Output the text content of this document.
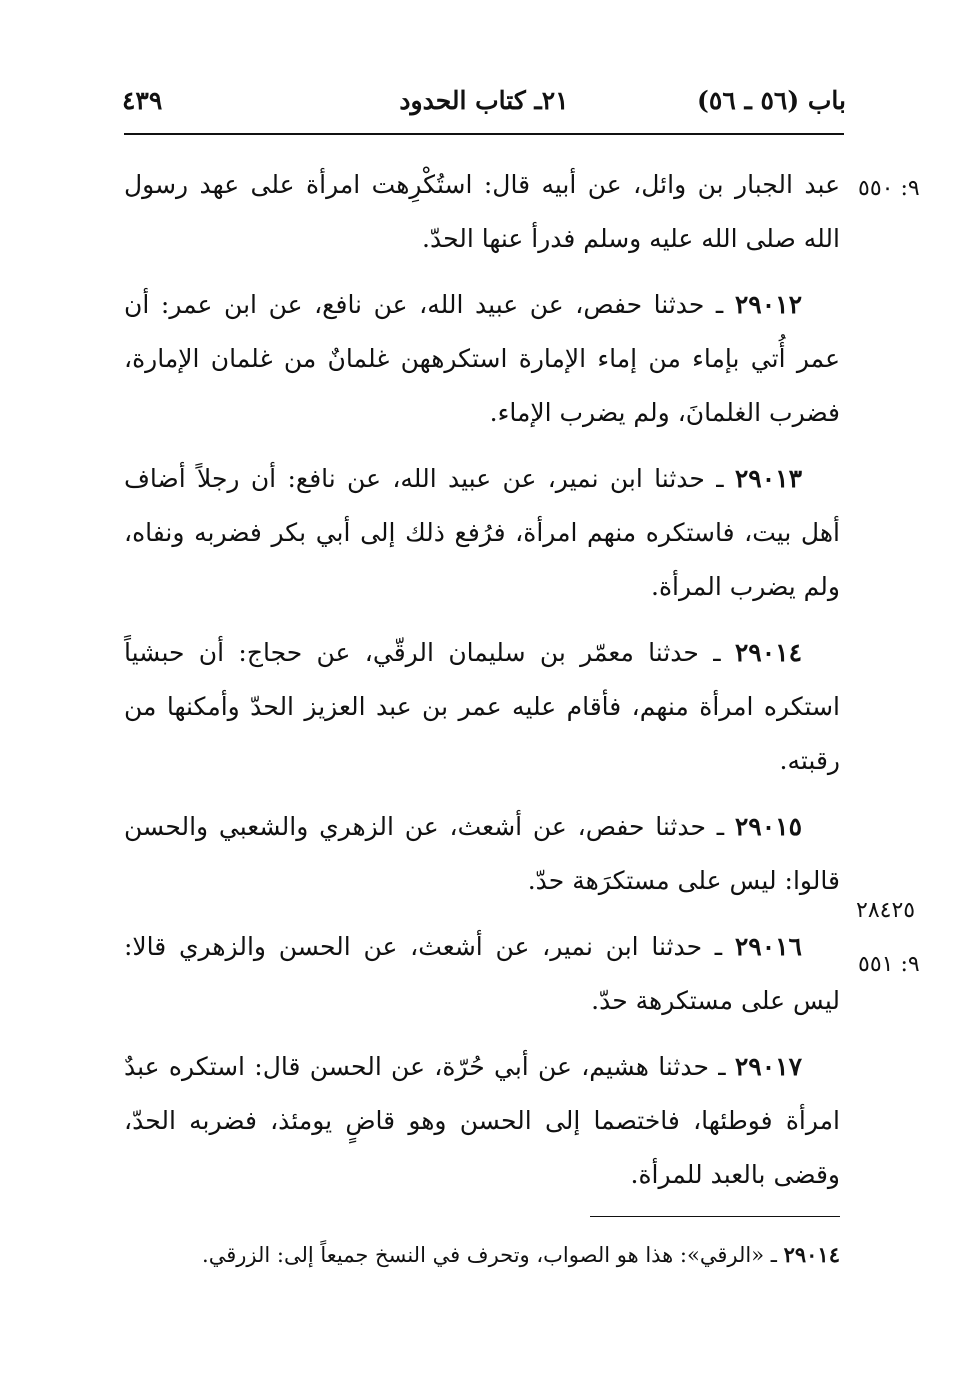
باب (٥٦ ـ ٥٦)
٢١ـ كتاب الحدود
٤٣٩
٩: ٥٥٠
٢٨٤٢٥
٩: ٥٥١

عبد الجبار بن وائل، عن أبيه قال: استُكْرِهت امرأة على عهد رسول الله صلى الله عليه وسلم فدرأ عنها الحدّ.

٢٩٠١٢ ـ حدثنا حفص، عن عبيد الله، عن نافع، عن ابن عمر: أن عمر أُتي بإماء من إماء الإمارة استكرههن غلمانٌ من غلمان الإمارة، فضرب الغلمانَ، ولم يضرب الإماء.

٢٩٠١٣ ـ حدثنا ابن نمير، عن عبيد الله، عن نافع: أن رجلاً أضاف أهل بيت، فاستكره منهم امرأة، فرُفع ذلك إلى أبي بكر فضربه ونفاه، ولم يضرب المرأة.

٢٩٠١٤ ـ حدثنا معمّر بن سليمان الرقّي، عن حجاج: أن حبشياً استكره امرأة منهم، فأقام عليه عمر بن عبد العزيز الحدّ وأمكنها من رقبته.

٢٩٠١٥ ـ حدثنا حفص، عن أشعث، عن الزهري والشعبي والحسن قالوا: ليس على مستكرَهة حدّ.

٢٩٠١٦ ـ حدثنا ابن نمير، عن أشعث، عن الحسن والزهري قالا: ليس على مستكرهة حدّ.

٢٩٠١٧ ـ حدثنا هشيم، عن أبي حُرّة، عن الحسن قال: استكره عبدٌ امرأة فوطئها، فاختصما إلى الحسن وهو قاضٍ يومئذ، فضربه الحدّ، وقضى بالعبد للمرأة.

٢٩٠١٤ ـ «الرقي»: هذا هو الصواب، وتحرف في النسخ جميعاً إلى: الزرقي.
